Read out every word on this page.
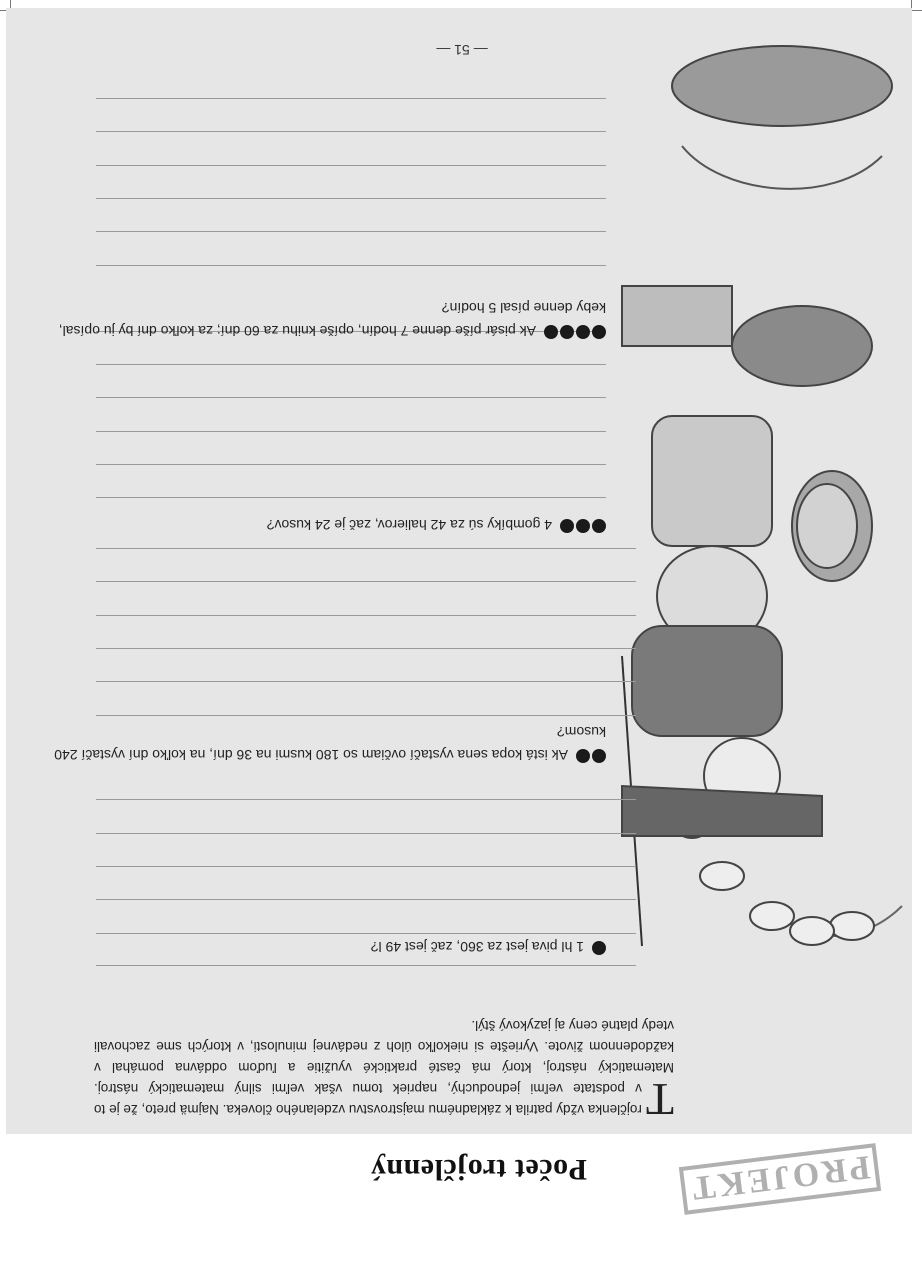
Počet trojčlenný	PROJEKT

T
rojčlenka vždy patrila k základnému majstrovstvu vzdelaného človeka. Najmä preto, že je to v podstate veľmi jednoduchý, napriek tomu však veľmi silný matematický nástroj. Matematický nástroj, ktorý má časté praktické využitie a ľuďom oddávna pomáhal v každodennom živote. Vyriešte si niekoľko úloh z nedávnej minulosti, v ktorých sme zachovali vtedy platné ceny aj jazykový štýl.

1 hl piva jest za 360, zač jest 49 l?
Ak istá kopa sena vystačí ovčiam so 180 kusmi na 36 dní, na koľko dní vystačí 240 kusom?
4 gombíky sú za 42 halierov, zač je 24 kusov?
Ak pisár píše denne 7 hodín, opíše knihu za 60 dní; za koľko dní by ju opísal, keby denne písal 5 hodín?
— 51 —
